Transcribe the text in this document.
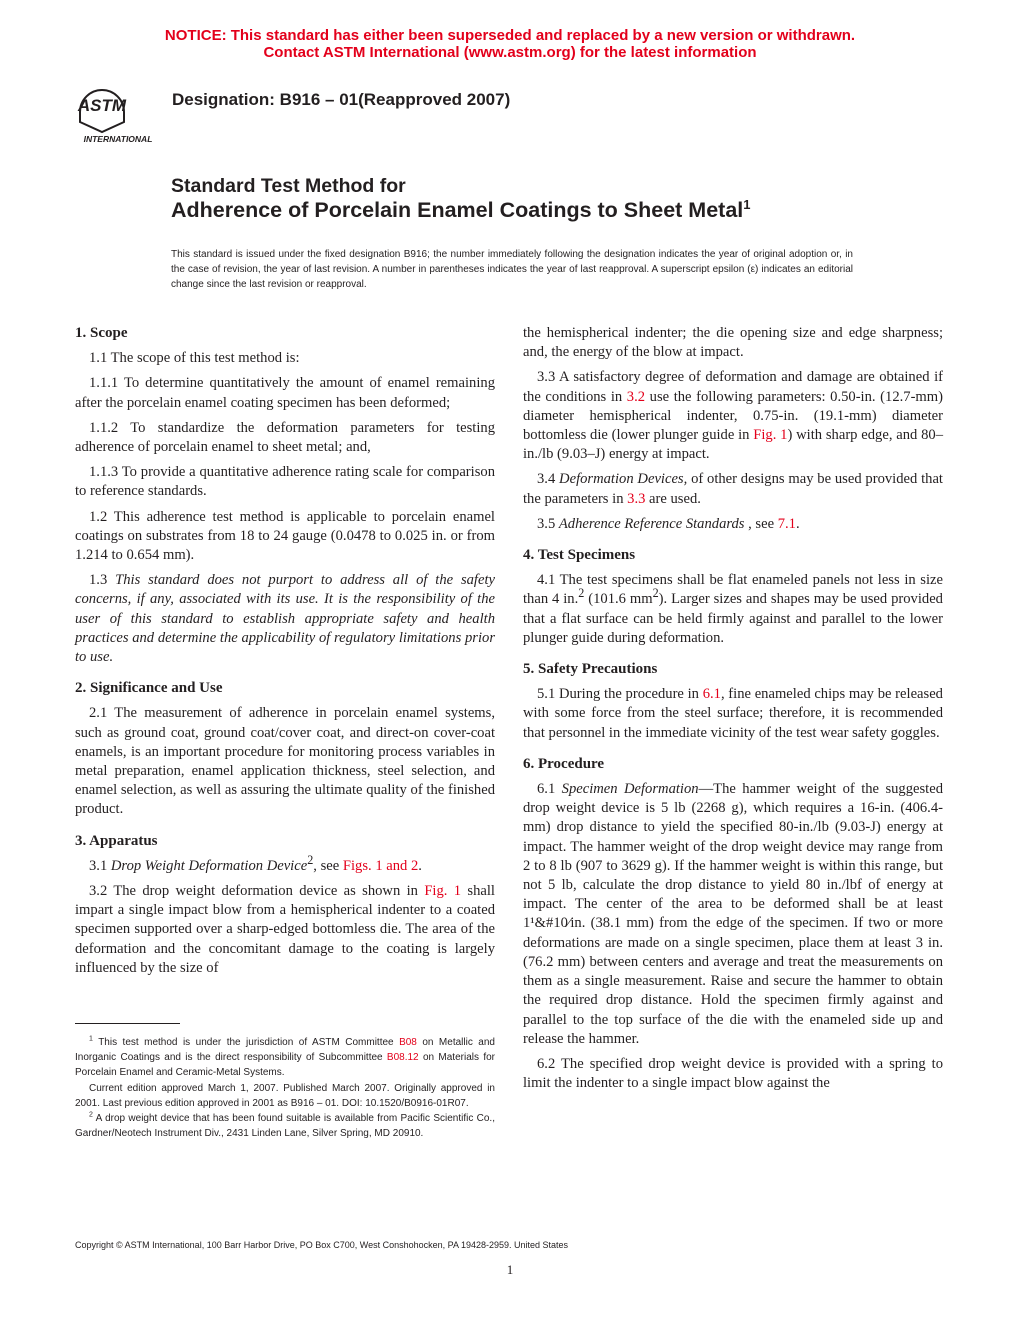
NOTICE: This standard has either been superseded and replaced by a new version or withdrawn.
Contact ASTM International (www.astm.org) for the latest information
ASTM
INTERNATIONAL
Designation: B916 – 01(Reapproved 2007)
Standard Test Method for
Adherence of Porcelain Enamel Coatings to Sheet Metal$^1$
This standard is issued under the fixed designation B916; the number immediately following the designation indicates the year of original adoption or, in the case of revision, the year of last revision. A number in parentheses indicates the year of last reapproval. A superscript epsilon (ε) indicates an editorial change since the last revision or reapproval.
1. Scope

1.1 The scope of this test method is:

1.1.1 To determine quantitatively the amount of enamel remaining after the porcelain enamel coating specimen has been deformed;

1.1.2 To standardize the deformation parameters for testing adherence of porcelain enamel to sheet metal; and,

1.1.3 To provide a quantitative adherence rating scale for comparison to reference standards.

1.2 This adherence test method is applicable to porcelain enamel coatings on substrates from 18 to 24 gauge (0.0478 to 0.025 in. or from 1.214 to 0.654 mm).

1.3 This standard does not purport to address all of the safety concerns, if any, associated with its use. It is the responsibility of the user of this standard to establish appropriate safety and health practices and determine the applicability of regulatory limitations prior to use.

2. Significance and Use

2.1 The measurement of adherence in porcelain enamel systems, such as ground coat, ground coat/cover coat, and direct-on cover-coat enamels, is an important procedure for monitoring process variables in metal preparation, enamel application thickness, steel selection, and enamel selection, as well as assuring the ultimate quality of the finished product.

3. Apparatus

3.1 Drop Weight Deformation Device$^2$, see Figs. 1 and 2.

3.2 The drop weight deformation device as shown in Fig. 1 shall impart a single impact blow from a hemispherical indenter to a coated specimen supported over a sharp-edged bottomless die. The area of the deformation and the concomitant damage to the coating is largely influenced by the size of

$^1$ This test method is under the jurisdiction of ASTM Committee B08 on Metallic and Inorganic Coatings and is the direct responsibility of Subcommittee B08.12 on Materials for Porcelain Enamel and Ceramic-Metal Systems.

Current edition approved March 1, 2007. Published March 2007. Originally approved in 2001. Last previous edition approved in 2001 as B916 – 01. DOI: 10.1520/B0916-01R07.

$^2$ A drop weight device that has been found suitable is available from Pacific Scientific Co., Gardner/Neotech Instrument Div., 2431 Linden Lane, Silver Spring, MD 20910.

the hemispherical indenter; the die opening size and edge sharpness; and, the energy of the blow at impact.

3.3 A satisfactory degree of deformation and damage are obtained if the conditions in 3.2 use the following parameters: 0.50-in. (12.7-mm) diameter hemispherical indenter, 0.75-in. (19.1-mm) diameter bottomless die (lower plunger guide in Fig. 1) with sharp edge, and 80–in./lb (9.03–J) energy at impact.

3.4 Deformation Devices, of other designs may be used provided that the parameters in 3.3 are used.

3.5 Adherence Reference Standards , see 7.1.

4. Test Specimens

4.1 The test specimens shall be flat enameled panels not less in size than 4 in.$^2$ (101.6 $mm^2$). Larger sizes and shapes may be used provided that a flat surface can be held firmly against and parallel to the lower plunger guide during deformation.

5. Safety Precautions

5.1 During the procedure in 6.1, fine enameled chips may be released with some force from the steel surface; therefore, it is recommended that personnel in the immediate vicinity of the test wear safety goggles.

6. Procedure

6.1 Specimen Deformation—The hammer weight of the suggested drop weight device is 5 lb (2268 g), which requires a 16-in. (406.4-mm) drop distance to yield the specified 80-in./lb (9.03-J) energy at impact. The hammer weight of the drop weight device may range from 2 to 8 lb (907 to 3629 g). If the hammer weight is within this range, but not 5 lb, calculate the drop distance to yield 80 in./lbf of energy at impact. The center of the area to be deformed shall be at least 1¹&#10⁄in. (38.1 mm) from the edge of the specimen. If two or more deformations are made on a single specimen, place them at least 3 in. (76.2 mm) between centers and average and treat the measurements on them as a single measurement. Raise and secure the hammer to obtain the required drop distance. Hold the specimen firmly against and parallel to the top surface of the die with the enameled side up and release the hammer.

6.2 The specified drop weight device is provided with a spring to limit the indenter to a single impact blow against the

Copyright © ASTM International, 100 Barr Harbor Drive, PO Box C700, West Conshohocken, PA 19428-2959. United States
1
